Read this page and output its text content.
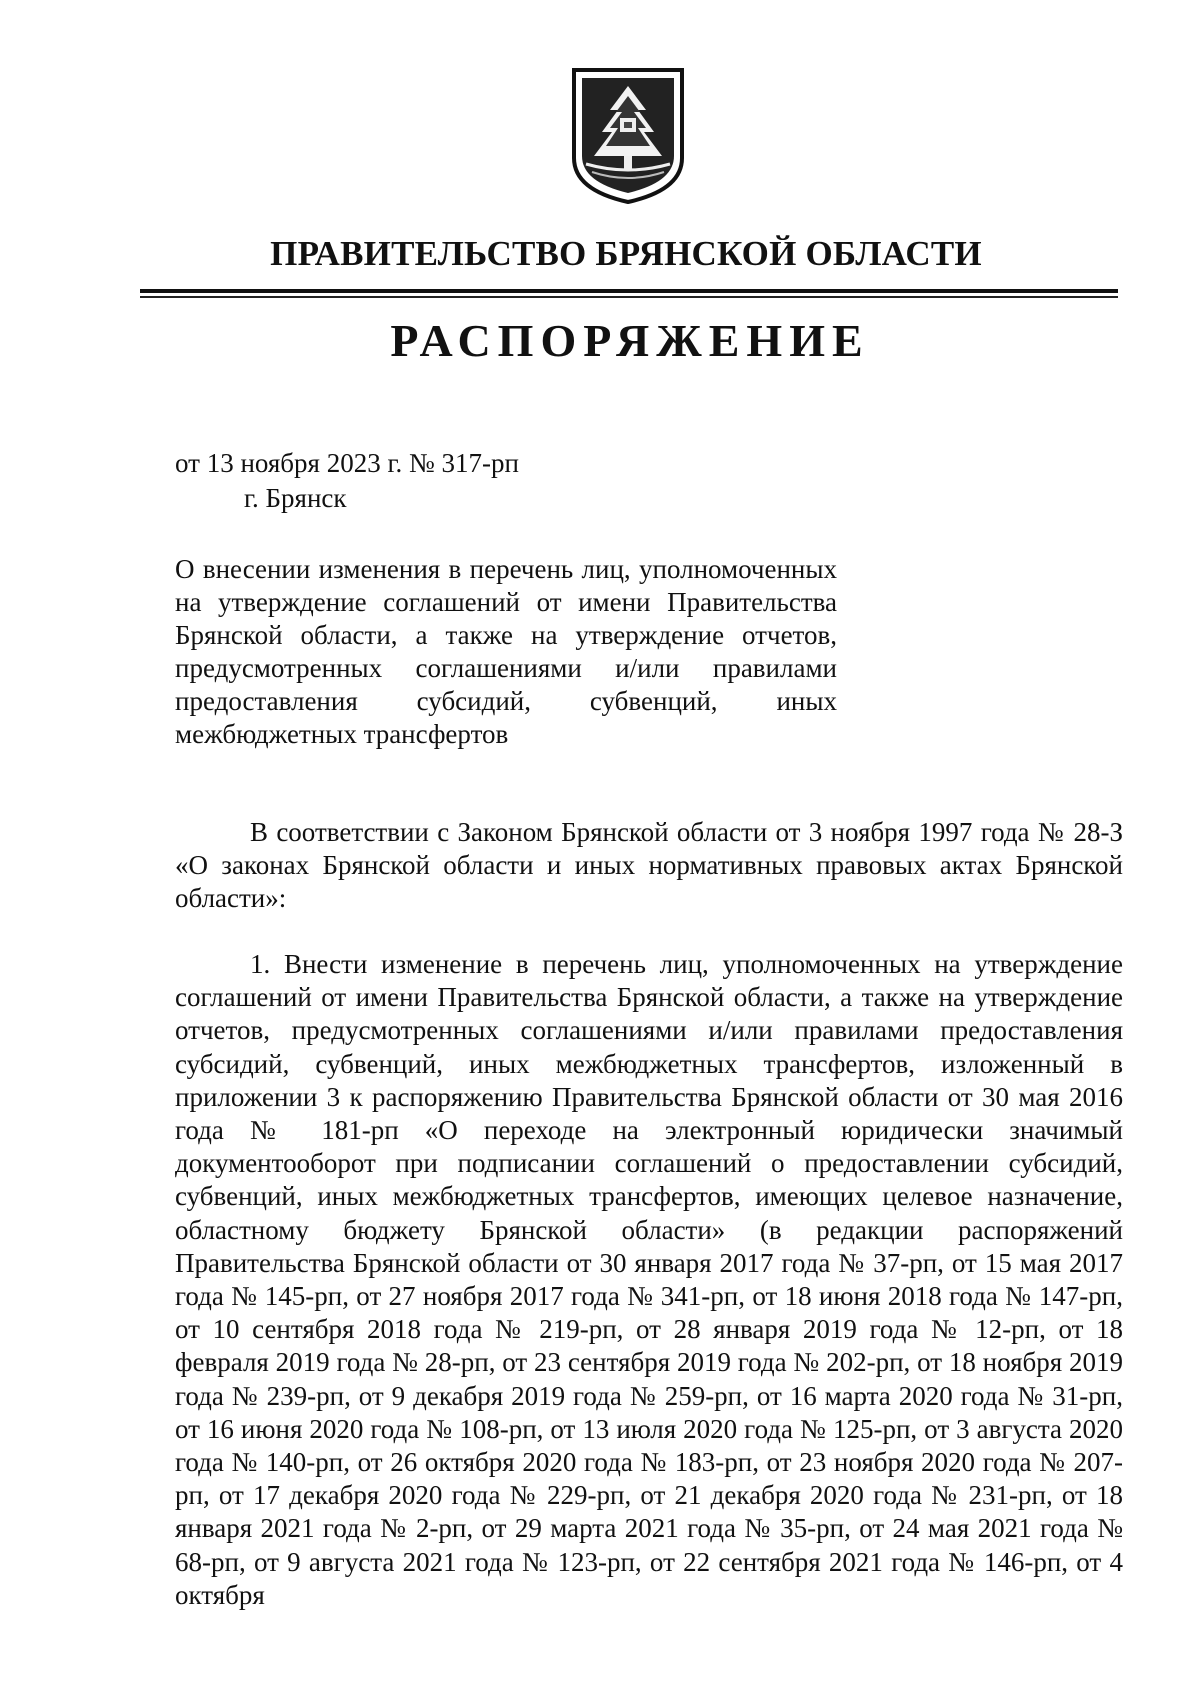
ПРАВИТЕЛЬСТВО БРЯНСКОЙ ОБЛАСТИ
РАСПОРЯЖЕНИЕ
от 13 ноября 2023 г. № 317-рп
г. Брянск
О внесении изменения в перечень лиц, уполномоченных на утверждение соглашений от имени Правительства Брянской области, а также на утверждение отчетов, предусмотренных соглашениями и/или правилами предоставления субсидий, субвенций, иных межбюджетных трансфертов

В соответствии с Законом Брянской области от 3 ноября 1997 года № 28-З «О законах Брянской области и иных нормативных правовых актах Брянской области»:

1. Внести изменение в перечень лиц, уполномоченных на утверждение соглашений от имени Правительства Брянской области, а также на утверждение отчетов, предусмотренных соглашениями и/или правилами предоставления субсидий, субвенций, иных межбюджетных трансфертов, изложенный в приложении 3 к распоряжению Правительства Брянской области от 30 мая 2016 года № 181-рп «О переходе на электронный юридически значимый документооборот при подписании соглашений о предоставлении субсидий, субвенций, иных межбюджетных трансфертов, имеющих целевое назначение, областному бюджету Брянской области» (в редакции распоряжений Правительства Брянской области от 30 января 2017 года № 37-рп, от 15 мая 2017 года № 145-рп, от 27 ноября 2017 года № 341-рп, от 18 июня 2018 года № 147-рп, от 10 сентября 2018 года № 219-рп, от 28 января 2019 года № 12-рп, от 18 февраля 2019 года № 28-рп, от 23 сентября 2019 года № 202-рп, от 18 ноября 2019 года № 239-рп, от 9 декабря 2019 года № 259-рп, от 16 марта 2020 года № 31-рп, от 16 июня 2020 года № 108-рп, от 13 июля 2020 года № 125-рп, от 3 августа 2020 года № 140-рп, от 26 октября 2020 года № 183-рп, от 23 ноября 2020 года № 207-рп, от 17 декабря 2020 года № 229-рп, от 21 декабря 2020 года № 231-рп, от 18 января 2021 года № 2-рп, от 29 марта 2021 года № 35-рп, от 24 мая 2021 года № 68-рп, от 9 августа 2021 года № 123-рп, от 22 сентября 2021 года № 146-рп, от 4 октября
